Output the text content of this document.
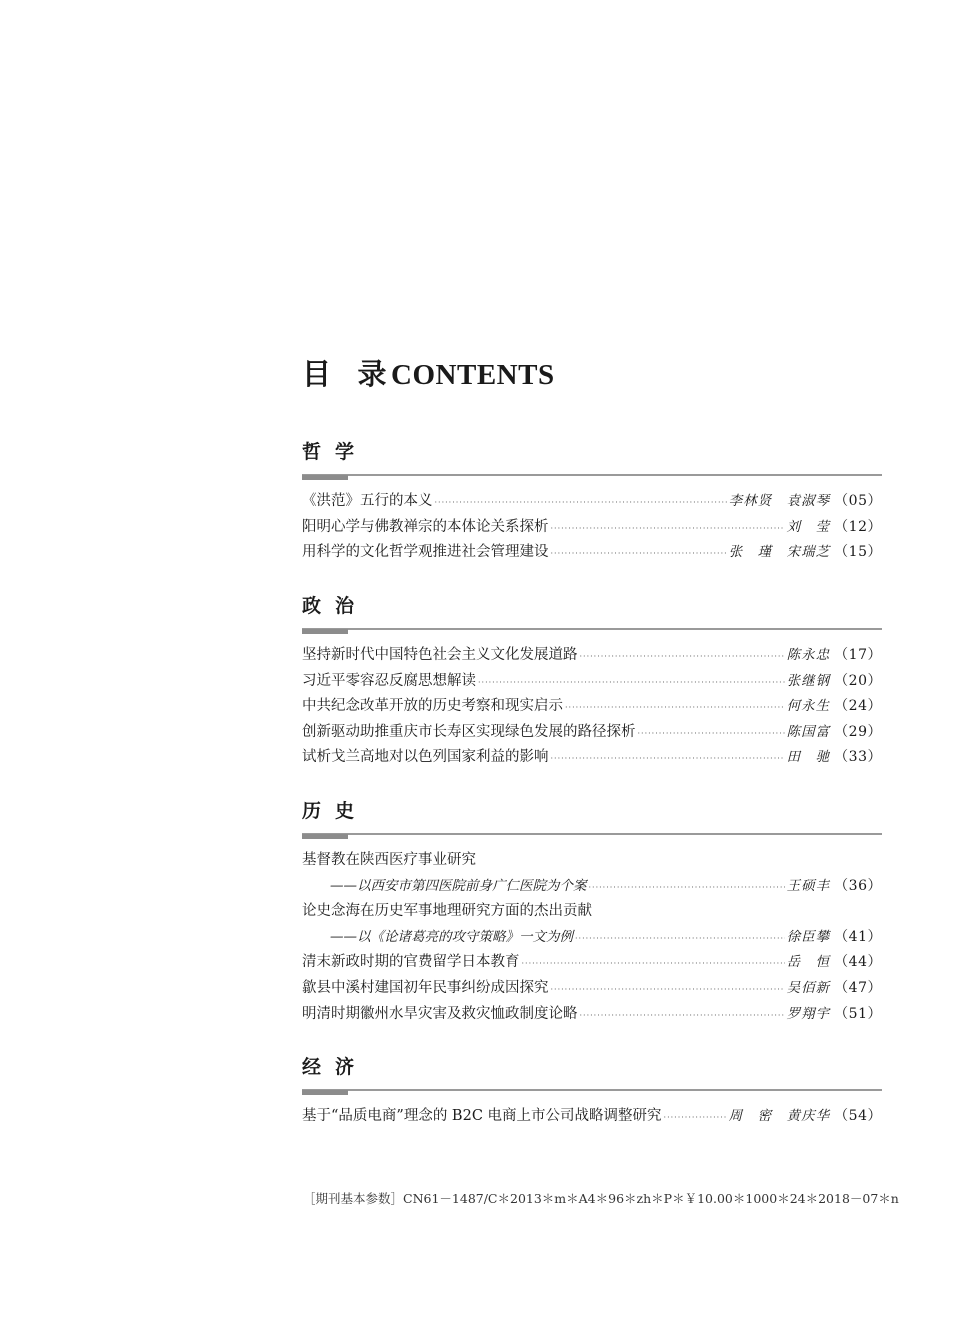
目 录 CONTENTS
哲学
《洪范》五行的本义 ·····	李林贤　袁淑琴 （05）
阳明心学与佛教禅宗的本体论关系探析 ·····	刘　莹 （12）
用科学的文化哲学观推进社会管理建设 ·····	张　瑾　宋瑞芝 （15）
政治
坚持新时代中国特色社会主义文化发展道路 ·····	陈永忠 （17）
习近平零容忍反腐思想解读 ·····	张继钢 （20）
中共纪念改革开放的历史考察和现实启示 ·····	何永生 （24）
创新驱动助推重庆市长寿区实现绿色发展的路径探析 ·····	陈国富 （29）
试析戈兰高地对以色列国家利益的影响 ·····	田　驰 （33）
历史
基督教在陕西医疗事业研究
——以西安市第四医院前身广仁医院为个案 ·····	王硕丰 （36）
论史念海在历史军事地理研究方面的杰出贡献
——以《论诸葛亮的攻守策略》一文为例 ·····	徐臣攀 （41）
清末新政时期的官费留学日本教育 ·····	岳　恒 （44）
歙县中溪村建国初年民事纠纷成因探究 ·····	吴佰新 （47）
明清时期徽州水旱灾害及救灾恤政制度论略 ·····	罗翔宇 （51）
经济
基于“品质电商”理念的 B2C 电商上市公司战略调整研究 ·····	周　密　黄庆华 （54）
［期刊基本参数］CN61－1487/C＊2013＊m＊A4＊96＊zh＊P＊￥10.00＊1000＊24＊2018－07＊n
